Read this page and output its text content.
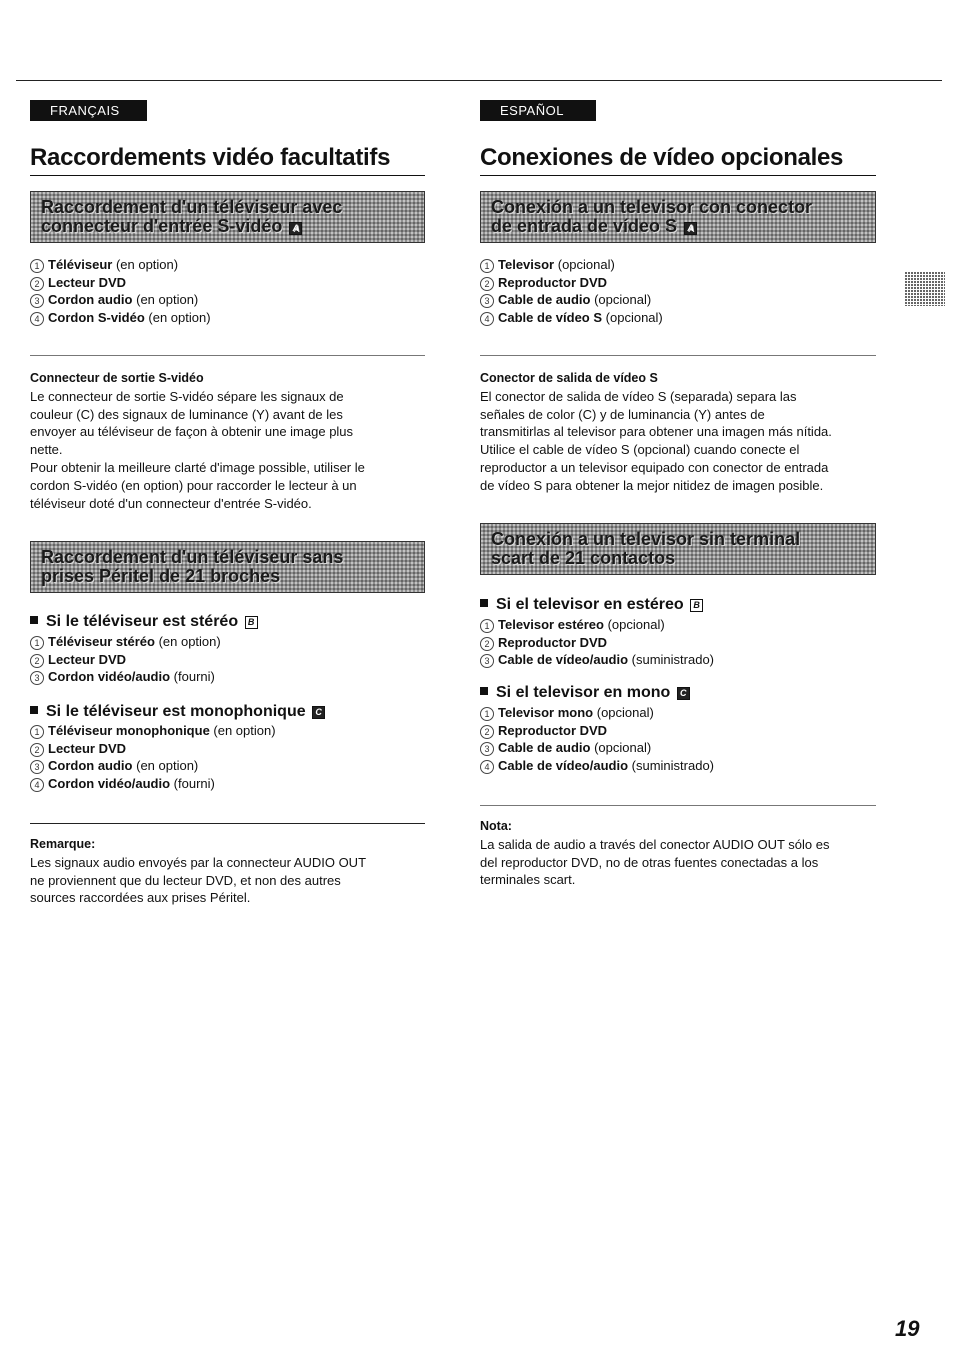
FRANÇAIS
Raccordements vidéo facultatifs
Raccordement d'un téléviseur avec
connecteur d'entrée S-vidéo A
1 Téléviseur (en option)
2 Lecteur DVD
3 Cordon audio (en option)
4 Cordon S-vidéo (en option)
Connecteur de sortie S-vidéo
Le connecteur de sortie S-vidéo sépare les signaux de
couleur (C) des signaux de luminance (Y) avant de les
envoyer au téléviseur de façon à obtenir une image plus
nette.
Pour obtenir la meilleure clarté d'image possible, utiliser le
cordon S-vidéo (en option) pour raccorder le lecteur à un
téléviseur doté d'un connecteur d'entrée S-vidéo.
Raccordement d'un téléviseur sans
prises Péritel de 21 broches
Si le téléviseur est stéréo B
1 Téléviseur stéréo (en option)
2 Lecteur DVD
3 Cordon vidéo/audio (fourni)
Si le téléviseur est monophonique C
1 Téléviseur monophonique (en option)
2 Lecteur DVD
3 Cordon audio (en option)
4 Cordon vidéo/audio (fourni)
Remarque:
Les signaux audio envoyés par la connecteur AUDIO OUT
ne proviennent que du lecteur DVD, et non des autres
sources raccordées aux prises Péritel.
ESPAÑOL
Conexiones de vídeo opcionales
Conexión a un televisor con conector
de entrada de vídeo S A
1 Televisor (opcional)
2 Reproductor DVD
3 Cable de audio (opcional)
4 Cable de vídeo S (opcional)
Conector de salida de vídeo S
El conector de salida de vídeo S (separada) separa las
señales de color (C) y de luminancia (Y) antes de
transmitirlas al televisor para obtener una imagen más nítida.
Utilice el cable de vídeo S (opcional) cuando conecte el
reproductor a un televisor equipado con conector de entrada
de vídeo S para obtener la mejor nitidez de imagen posible.
Conexión a un televisor sin terminal
scart de 21 contactos
Si el televisor en estéreo B
1 Televisor estéreo (opcional)
2 Reproductor DVD
3 Cable de vídeo/audio (suministrado)
Si el televisor en mono C
1 Televisor mono (opcional)
2 Reproductor DVD
3 Cable de audio (opcional)
4 Cable de vídeo/audio (suministrado)
Nota:
La salida de audio a través del conector AUDIO OUT sólo es
del reproductor DVD, no de otras fuentes conectadas a los
terminales scart.
19
